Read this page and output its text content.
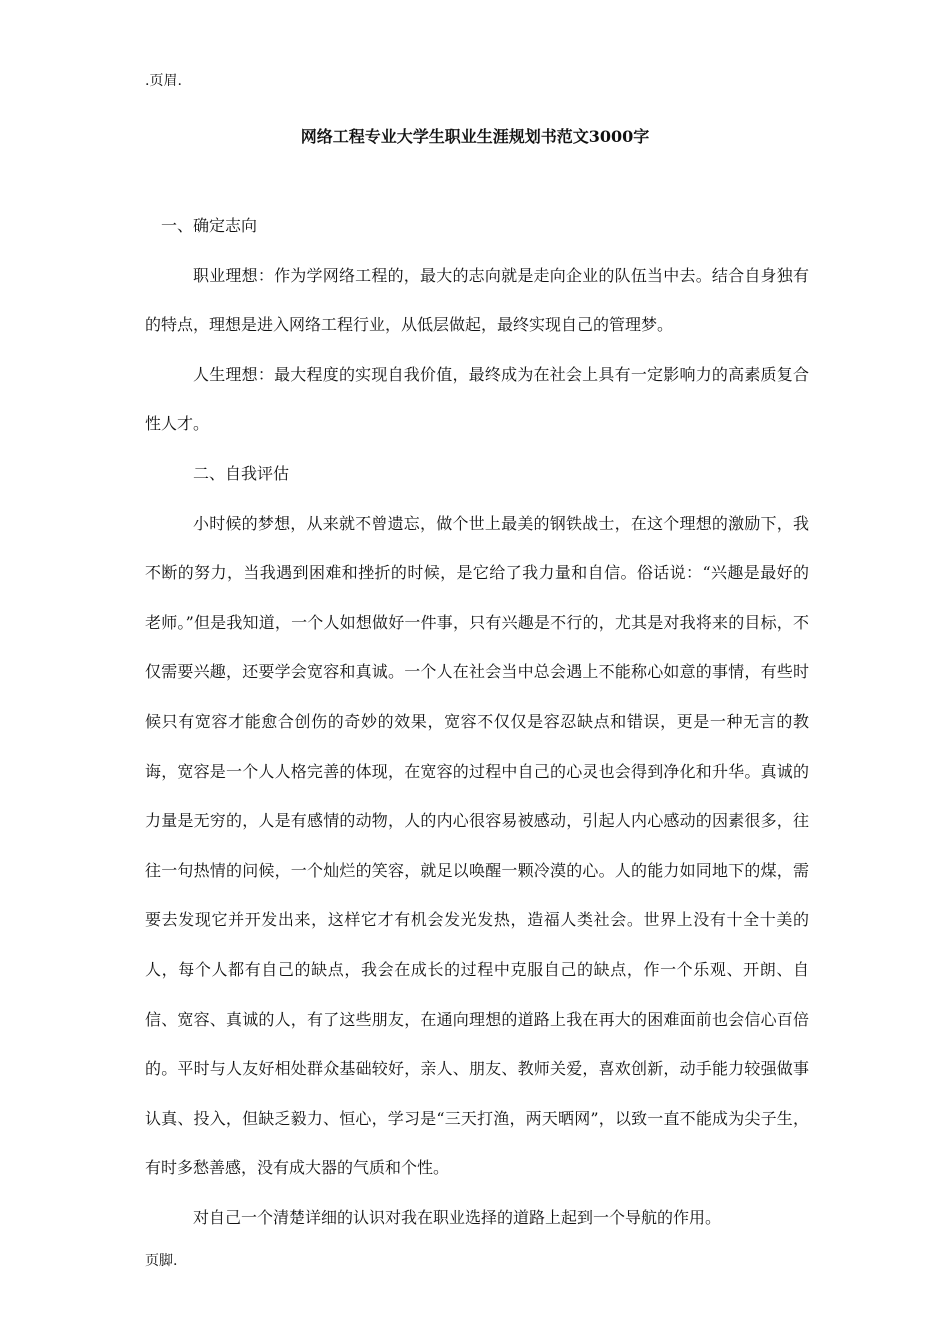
.页眉.
网络工程专业大学生职业生涯规划书范文3000字

一、确定志向

职业理想：作为学网络工程的，最大的志向就是走向企业的队伍当中去。结合自身独有的特点，理想是进入网络工程行业，从低层做起，最终实现自己的管理梦。

人生理想：最大程度的实现自我价值，最终成为在社会上具有一定影响力的高素质复合性人才。

二、自我评估

小时候的梦想，从来就不曾遗忘，做个世上最美的钢铁战士，在这个理想的激励下，我不断的努力，当我遇到困难和挫折的时候，是它给了我力量和自信。俗话说：“兴趣是最好的老师。”但是我知道，一个人如想做好一件事，只有兴趣是不行的，尤其是对我将来的目标，不仅需要兴趣，还要学会宽容和真诚。一个人在社会当中总会遇上不能称心如意的事情，有些时候只有宽容才能愈合创伤的奇妙的效果，宽容不仅仅是容忍缺点和错误，更是一种无言的教诲，宽容是一个人人格完善的体现，在宽容的过程中自己的心灵也会得到净化和升华。真诚的力量是无穷的，人是有感情的动物，人的内心很容易被感动，引起人内心感动的因素很多，往往一句热情的问候，一个灿烂的笑容，就足以唤醒一颗冷漠的心。人的能力如同地下的煤，需要去发现它并开发出来，这样它才有机会发光发热，造福人类社会。世界上没有十全十美的人，每个人都有自己的缺点，我会在成长的过程中克服自己的缺点，作一个乐观、开朗、自信、宽容、真诚的人，有了这些朋友，在通向理想的道路上我在再大的困难面前也会信心百倍的。平时与人友好相处群众基础较好，亲人、朋友、教师关爱，喜欢创新，动手能力较强做事认真、投入，但缺乏毅力、恒心，学习是“三天打渔，两天晒网”，以致一直不能成为尖子生，有时多愁善感，没有成大器的气质和个性。

对自己一个清楚详细的认识对我在职业选择的道路上起到一个导航的作用。

页脚.
